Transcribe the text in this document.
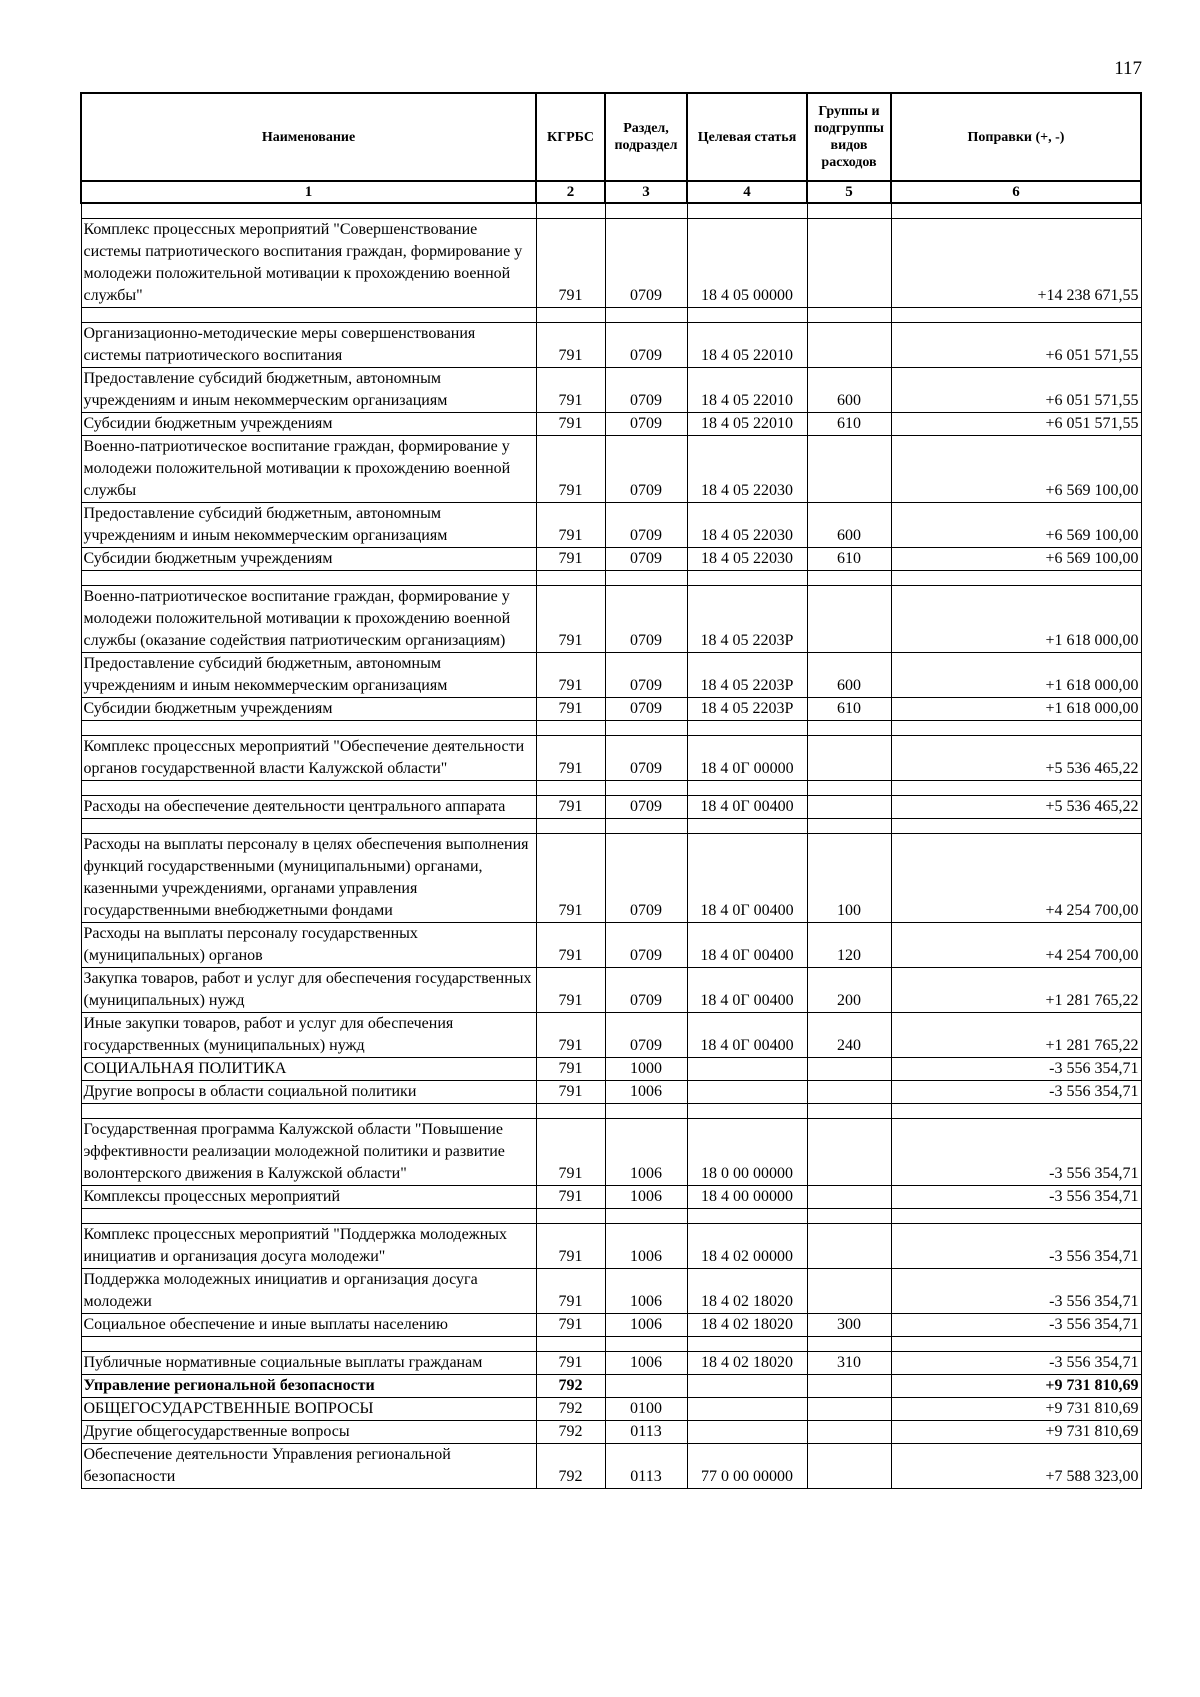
117
Наименование	КГРБС	Раздел, подраздел	Целевая статья	Группы и подгруппы видов расходов	Поправки (+, -)
1	2	3	4	5	6

Комплекс процессных мероприятий "Совершенствование системы патриотического воспитания граждан, формирование у молодежи положительной мотивации к прохождению военной службы"	791	0709	18 4 05 00000		+14 238 671,55

Организационно-методические меры совершенствования системы патриотического воспитания	791	0709	18 4 05 22010		+6 051 571,55
Предоставление субсидий бюджетным, автономным учреждениям и иным некоммерческим организациям	791	0709	18 4 05 22010	600	+6 051 571,55
Субсидии бюджетным учреждениям	791	0709	18 4 05 22010	610	+6 051 571,55
Военно-патриотическое воспитание граждан, формирование у молодежи положительной мотивации к прохождению военной службы	791	0709	18 4 05 22030		+6 569 100,00
Предоставление субсидий бюджетным, автономным учреждениям и иным некоммерческим организациям	791	0709	18 4 05 22030	600	+6 569 100,00
Субсидии бюджетным учреждениям	791	0709	18 4 05 22030	610	+6 569 100,00

Военно-патриотическое воспитание граждан, формирование у молодежи положительной мотивации к прохождению военной службы (оказание содействия патриотическим организациям)	791	0709	18 4 05 2203Р		+1 618 000,00
Предоставление субсидий бюджетным, автономным учреждениям и иным некоммерческим организациям	791	0709	18 4 05 2203Р	600	+1 618 000,00
Субсидии бюджетным учреждениям	791	0709	18 4 05 2203Р	610	+1 618 000,00

Комплекс процессных мероприятий "Обеспечение деятельности органов государственной власти Калужской области"	791	0709	18 4 0Г 00000		+5 536 465,22

Расходы на обеспечение деятельности центрального аппарата	791	0709	18 4 0Г 00400		+5 536 465,22

Расходы на выплаты персоналу в целях обеспечения выполнения функций государственными (муниципальными) органами, казенными учреждениями, органами управления государственными внебюджетными фондами	791	0709	18 4 0Г 00400	100	+4 254 700,00
Расходы на выплаты персоналу государственных (муниципальных) органов	791	0709	18 4 0Г 00400	120	+4 254 700,00
Закупка товаров, работ и услуг для обеспечения государственных (муниципальных) нужд	791	0709	18 4 0Г 00400	200	+1 281 765,22
Иные закупки товаров, работ и услуг для обеспечения государственных (муниципальных) нужд	791	0709	18 4 0Г 00400	240	+1 281 765,22
СОЦИАЛЬНАЯ ПОЛИТИКА	791	1000			-3 556 354,71
Другие вопросы в области социальной политики	791	1006			-3 556 354,71

Государственная программа Калужской области "Повышение эффективности реализации молодежной политики и развитие волонтерского движения в Калужской области"	791	1006	18 0 00 00000		-3 556 354,71
Комплексы процессных мероприятий	791	1006	18 4 00 00000		-3 556 354,71

Комплекс процессных мероприятий "Поддержка молодежных инициатив и организация досуга молодежи"	791	1006	18 4 02 00000		-3 556 354,71
Поддержка молодежных инициатив и организация досуга молодежи	791	1006	18 4 02 18020		-3 556 354,71
Социальное обеспечение и иные выплаты населению	791	1006	18 4 02 18020	300	-3 556 354,71

Публичные нормативные социальные выплаты гражданам	791	1006	18 4 02 18020	310	-3 556 354,71
Управление региональной безопасности	792				+9 731 810,69
ОБЩЕГОСУДАРСТВЕННЫЕ ВОПРОСЫ	792	0100			+9 731 810,69
Другие общегосударственные вопросы	792	0113			+9 731 810,69
Обеспечение деятельности Управления региональной безопасности	792	0113	77 0 00 00000		+7 588 323,00
